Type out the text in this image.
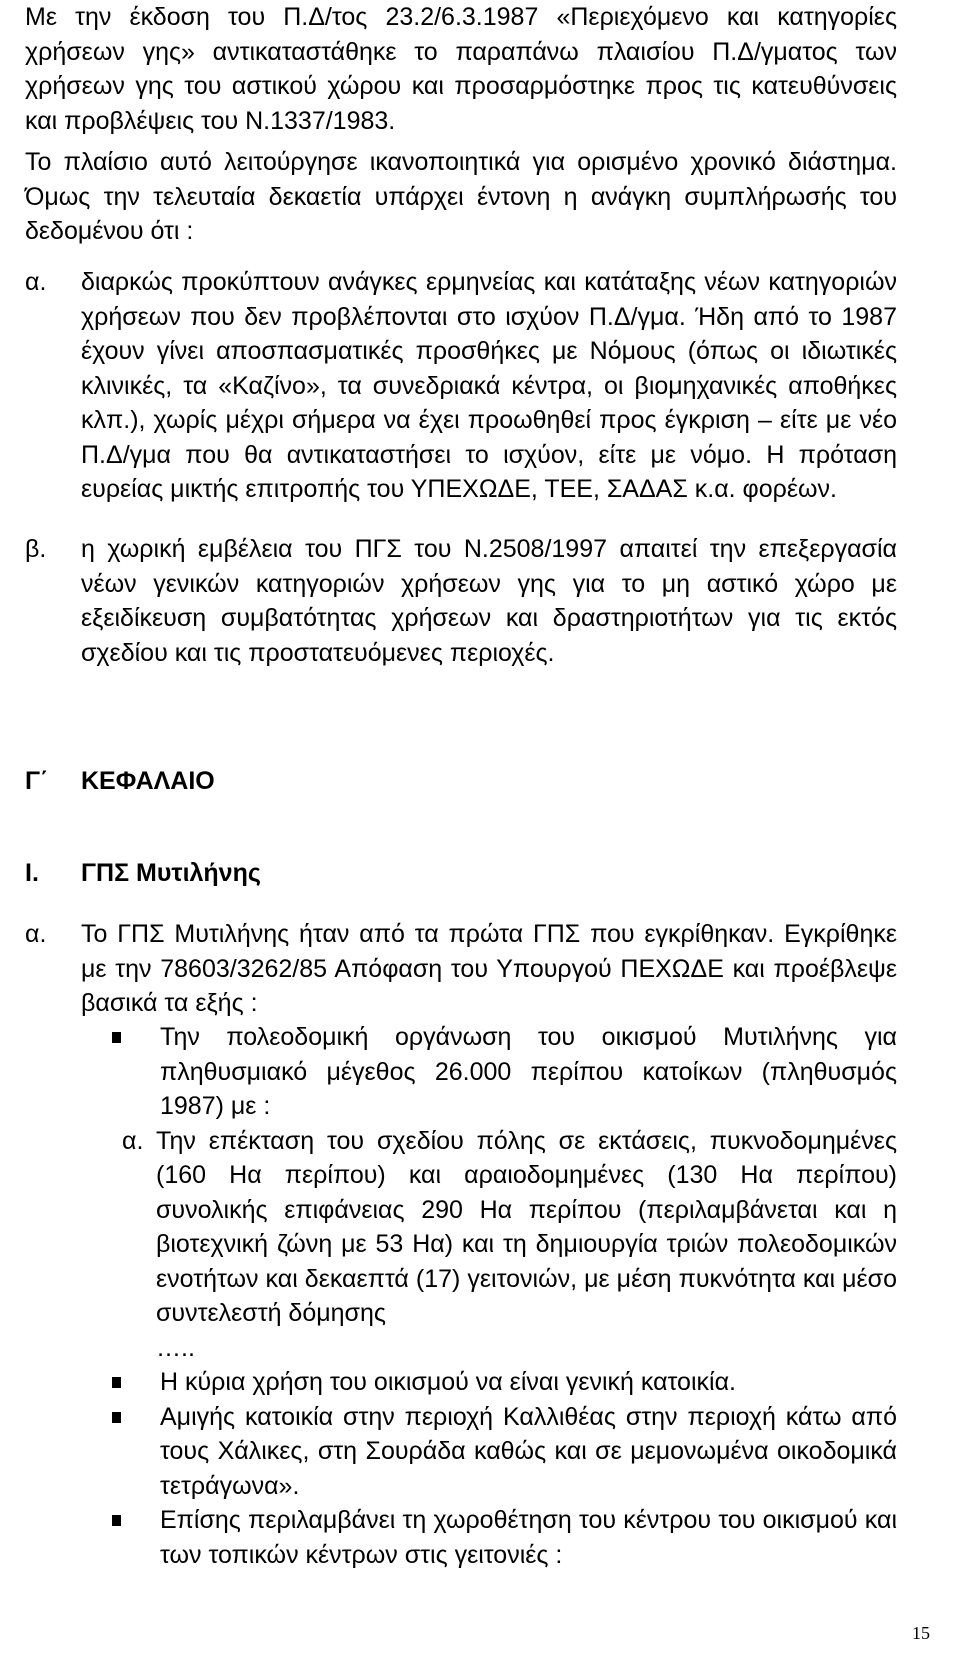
Με την έκδοση του Π.Δ/τος 23.2/6.3.1987 «Περιεχόμενο και κατηγορίες χρήσεων γης» αντικαταστάθηκε το παραπάνω πλαισίου Π.Δ/γματος των χρήσεων γης του αστικού χώρου και προσαρμόστηκε προς τις κατευθύνσεις και προβλέψεις του Ν.1337/1983.
Το πλαίσιο αυτό λειτούργησε ικανοποιητικά για ορισμένο χρονικό διάστημα. Όμως την τελευταία δεκαετία υπάρχει έντονη η ανάγκη συμπλήρωσής του δεδομένου ότι :
α. διαρκώς προκύπτουν ανάγκες ερμηνείας και κατάταξης νέων κατηγοριών χρήσεων που δεν προβλέπονται στο ισχύον Π.Δ/γμα. Ήδη από το 1987 έχουν γίνει αποσπασματικές προσθήκες με Νόμους (όπως οι ιδιωτικές κλινικές, τα «Καζίνο», τα συνεδριακά κέντρα, οι βιομηχανικές αποθήκες κλπ.), χωρίς μέχρι σήμερα να έχει προωθηθεί προς έγκριση – είτε με νέο Π.Δ/γμα που θα αντικαταστήσει το ισχύον, είτε με νόμο. Η πρόταση ευρείας μικτής επιτροπής του ΥΠΕΧΩΔΕ, ΤΕΕ, ΣΑΔΑΣ κ.α. φορέων.
β. η χωρική εμβέλεια του ΠΓΣ του Ν.2508/1997 απαιτεί την επεξεργασία νέων γενικών κατηγοριών χρήσεων γης για το μη αστικό χώρο με εξειδίκευση συμβατότητας χρήσεων και δραστηριοτήτων για τις εκτός σχεδίου και τις προστατευόμενες περιοχές.
Γ΄ ΚΕΦΑΛΑΙΟ
Ι. ΓΠΣ Μυτιλήνης
α. Το ΓΠΣ Μυτιλήνης ήταν από τα πρώτα ΓΠΣ που εγκρίθηκαν. Εγκρίθηκε με την 78603/3262/85 Απόφαση του Υπουργού ΠΕΧΩΔΕ και προέβλεψε βασικά τα εξής :
Την πολεοδομική οργάνωση του οικισμού Μυτιλήνης για πληθυσμιακό μέγεθος 26.000 περίπου κατοίκων (πληθυσμός 1987) με :
α. Την επέκταση του σχεδίου πόλης σε εκτάσεις, πυκνοδομημένες (160 Ηα περίπου) και αραιοδομημένες (130 Ηα περίπου) συνολικής επιφάνειας 290 Ηα περίπου (περιλαμβάνεται και η βιοτεχνική ζώνη με 53 Ηα) και τη δημιουργία τριών πολεοδομικών ενοτήτων και δεκαεπτά (17) γειτονιών, με μέση πυκνότητα και μέσο συντελεστή δόμησης
…..
Η κύρια χρήση του οικισμού να είναι γενική κατοικία.
Αμιγής κατοικία στην περιοχή Καλλιθέας στην περιοχή κάτω από τους Χάλικες, στη Σουράδα καθώς και σε μεμονωμένα οικοδομικά τετράγωνα».
Επίσης περιλαμβάνει τη χωροθέτηση του κέντρου του οικισμού και των τοπικών κέντρων στις γειτονιές :
15
